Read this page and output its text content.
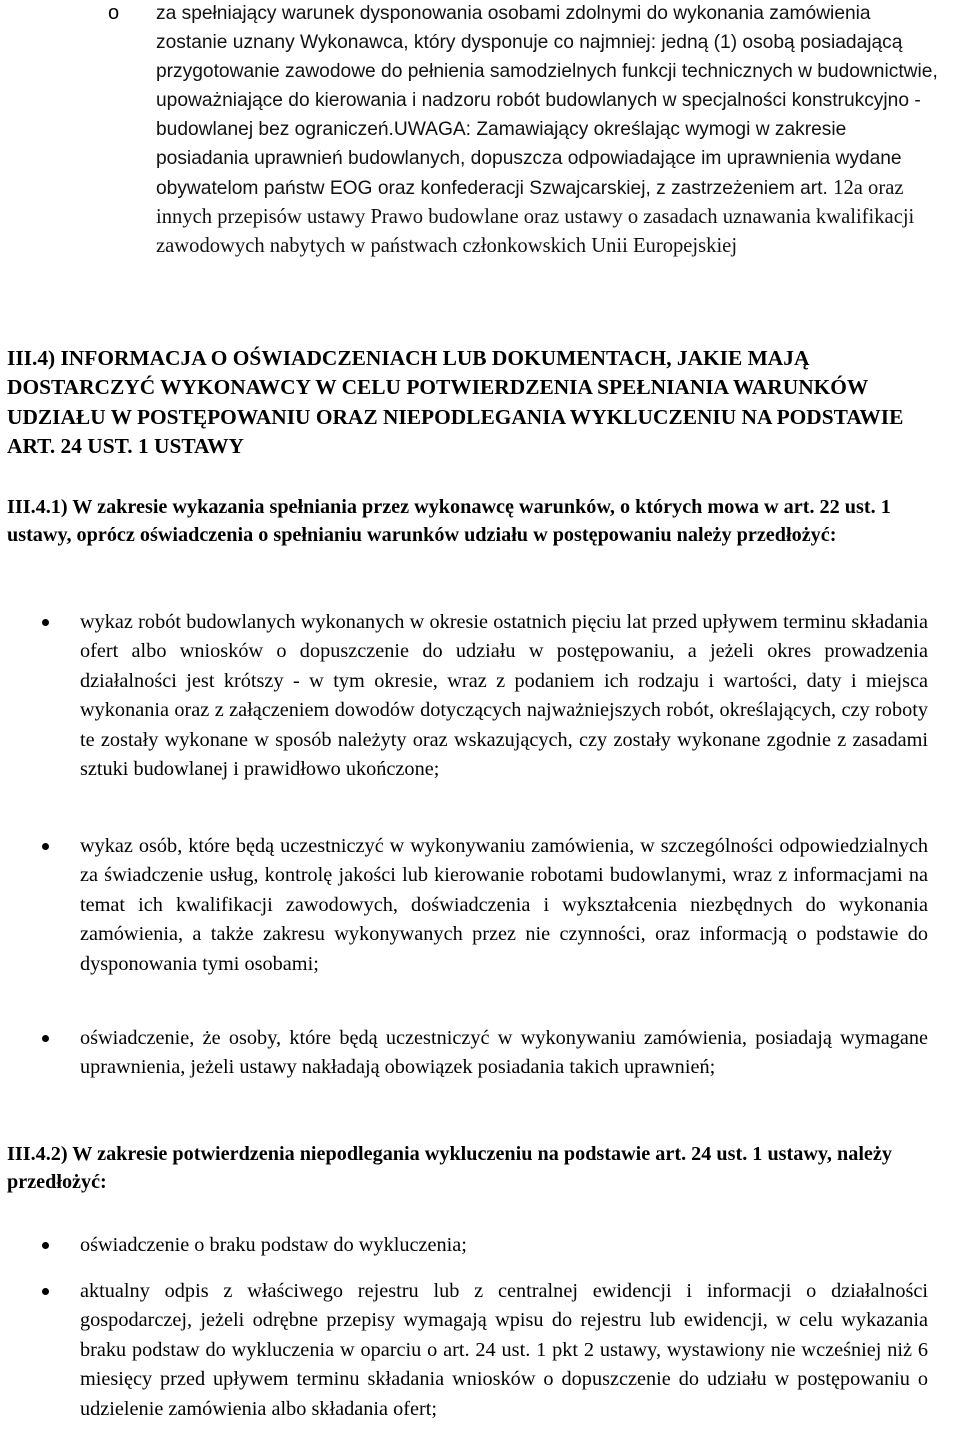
o za spełniający warunek dysponowania osobami zdolnymi do wykonania zamówienia zostanie uznany Wykonawca, który dysponuje co najmniej: jedną (1) osobą posiadającą przygotowanie zawodowe do pełnienia samodzielnych funkcji technicznych w budownictwie, upoważniające do kierowania i nadzoru robót budowlanych w specjalności konstrukcyjno - budowlanej bez ograniczeń.UWAGA: Zamawiający określając wymogi w zakresie posiadania uprawnień budowlanych, dopuszcza odpowiadające im uprawnienia wydane obywatelom państw EOG oraz konfederacji Szwajcarskiej, z zastrzeżeniem art. 12a oraz innych przepisów ustawy Prawo budowlane oraz ustawy o zasadach uznawania kwalifikacji zawodowych nabytych w państwach członkowskich Unii Europejskiej
III.4) INFORMACJA O OŚWIADCZENIACH LUB DOKUMENTACH, JAKIE MAJĄ DOSTARCZYĆ WYKONAWCY W CELU POTWIERDZENIA SPEŁNIANIA WARUNKÓW UDZIAŁU W POSTĘPOWANIU ORAZ NIEPODLEGANIA WYKLUCZENIU NA PODSTAWIE ART. 24 UST. 1 USTAWY
III.4.1) W zakresie wykazania spełniania przez wykonawcę warunków, o których mowa w art. 22 ust. 1 ustawy, oprócz oświadczenia o spełnianiu warunków udziału w postępowaniu należy przedłożyć:
wykaz robót budowlanych wykonanych w okresie ostatnich pięciu lat przed upływem terminu składania ofert albo wniosków o dopuszczenie do udziału w postępowaniu, a jeżeli okres prowadzenia działalności jest krótszy - w tym okresie, wraz z podaniem ich rodzaju i wartości, daty i miejsca wykonania oraz z załączeniem dowodów dotyczących najważniejszych robót, określających, czy roboty te zostały wykonane w sposób należyty oraz wskazujących, czy zostały wykonane zgodnie z zasadami sztuki budowlanej i prawidłowo ukończone;
wykaz osób, które będą uczestniczyć w wykonywaniu zamówienia, w szczególności odpowiedzialnych za świadczenie usług, kontrolę jakości lub kierowanie robotami budowlanymi, wraz z informacjami na temat ich kwalifikacji zawodowych, doświadczenia i wykształcenia niezbędnych do wykonania zamówienia, a także zakresu wykonywanych przez nie czynności, oraz informacją o podstawie do dysponowania tymi osobami;
oświadczenie, że osoby, które będą uczestniczyć w wykonywaniu zamówienia, posiadają wymagane uprawnienia, jeżeli ustawy nakładają obowiązek posiadania takich uprawnień;
III.4.2) W zakresie potwierdzenia niepodlegania wykluczeniu na podstawie art. 24 ust. 1 ustawy, należy przedłożyć:
oświadczenie o braku podstaw do wykluczenia;
aktualny odpis z właściwego rejestru lub z centralnej ewidencji i informacji o działalności gospodarczej, jeżeli odrębne przepisy wymagają wpisu do rejestru lub ewidencji, w celu wykazania braku podstaw do wykluczenia w oparciu o art. 24 ust. 1 pkt 2 ustawy, wystawiony nie wcześniej niż 6 miesięcy przed upływem terminu składania wniosków o dopuszczenie do udziału w postępowaniu o udzielenie zamówienia albo składania ofert;
